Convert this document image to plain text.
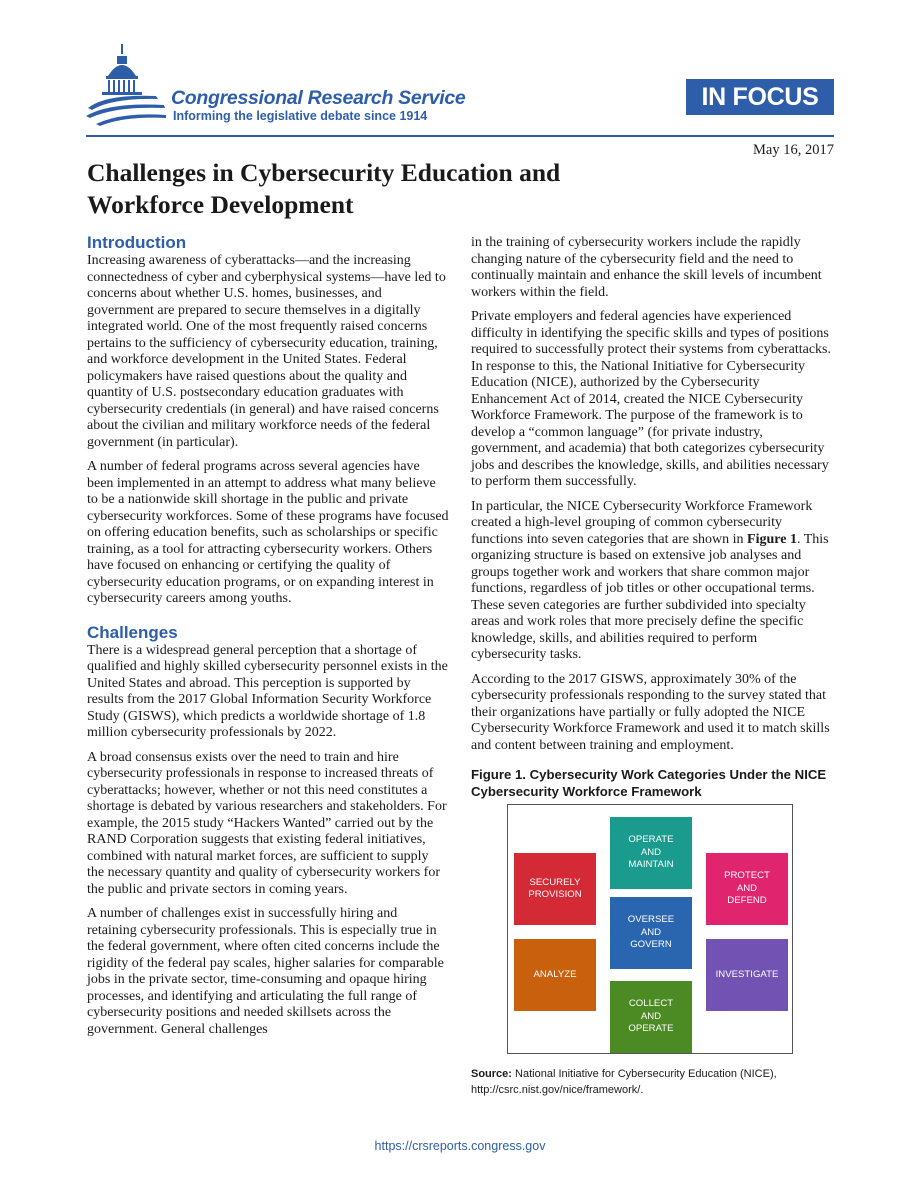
Congressional Research Service
Informing the legislative debate since 1914
IN FOCUS
May 16, 2017
Challenges in Cybersecurity Education and Workforce Development
Introduction

Increasing awareness of cyberattacks—and the increasing connectedness of cyber and cyberphysical systems—have led to concerns about whether U.S. homes, businesses, and government are prepared to secure themselves in a digitally integrated world. One of the most frequently raised concerns pertains to the sufficiency of cybersecurity education, training, and workforce development in the United States. Federal policymakers have raised questions about the quality and quantity of U.S. postsecondary education graduates with cybersecurity credentials (in general) and have raised concerns about the civilian and military workforce needs of the federal government (in particular).

A number of federal programs across several agencies have been implemented in an attempt to address what many believe to be a nationwide skill shortage in the public and private cybersecurity workforces. Some of these programs have focused on offering education benefits, such as scholarships or specific training, as a tool for attracting cybersecurity workers. Others have focused on enhancing or certifying the quality of cybersecurity education programs, or on expanding interest in cybersecurity careers among youths.

Challenges

There is a widespread general perception that a shortage of qualified and highly skilled cybersecurity personnel exists in the United States and abroad. This perception is supported by results from the 2017 Global Information Security Workforce Study (GISWS), which predicts a worldwide shortage of 1.8 million cybersecurity professionals by 2022.

A broad consensus exists over the need to train and hire cybersecurity professionals in response to increased threats of cyberattacks; however, whether or not this need constitutes a shortage is debated by various researchers and stakeholders. For example, the 2015 study “Hackers Wanted” carried out by the RAND Corporation suggests that existing federal initiatives, combined with natural market forces, are sufficient to supply the necessary quantity and quality of cybersecurity workers for the public and private sectors in coming years.

A number of challenges exist in successfully hiring and retaining cybersecurity professionals. This is especially true in the federal government, where often cited concerns include the rigidity of the federal pay scales, higher salaries for comparable jobs in the private sector, time-consuming and opaque hiring processes, and identifying and articulating the full range of cybersecurity positions and needed skillsets across the government. General challenges

in the training of cybersecurity workers include the rapidly changing nature of the cybersecurity field and the need to continually maintain and enhance the skill levels of incumbent workers within the field.

Private employers and federal agencies have experienced difficulty in identifying the specific skills and types of positions required to successfully protect their systems from cyberattacks. In response to this, the National Initiative for Cybersecurity Education (NICE), authorized by the Cybersecurity Enhancement Act of 2014, created the NICE Cybersecurity Workforce Framework. The purpose of the framework is to develop a “common language” (for private industry, government, and academia) that both categorizes cybersecurity jobs and describes the knowledge, skills, and abilities necessary to perform them successfully.

In particular, the NICE Cybersecurity Workforce Framework created a high-level grouping of common cybersecurity functions into seven categories that are shown in Figure 1. This organizing structure is based on extensive job analyses and groups together work and workers that share common major functions, regardless of job titles or other occupational terms. These seven categories are further subdivided into specialty areas and work roles that more precisely define the specific knowledge, skills, and abilities required to perform cybersecurity tasks.

According to the 2017 GISWS, approximately 30% of the cybersecurity professionals responding to the survey stated that their organizations have partially or fully adopted the NICE Cybersecurity Workforce Framework and used it to match skills and content between training and employment.

Figure 1. Cybersecurity Work Categories Under the NICE Cybersecurity Workforce Framework
OPERATE
AND
MAINTAIN
SECURELY
PROVISION
PROTECT
AND
DEFEND
OVERSEE
AND
GOVERN
ANALYZE	INVESTIGATE
COLLECT
AND
OPERATE
Source: National Initiative for Cybersecurity Education (NICE), http://csrc.nist.gov/nice/framework/.
https://crsreports.congress.gov
